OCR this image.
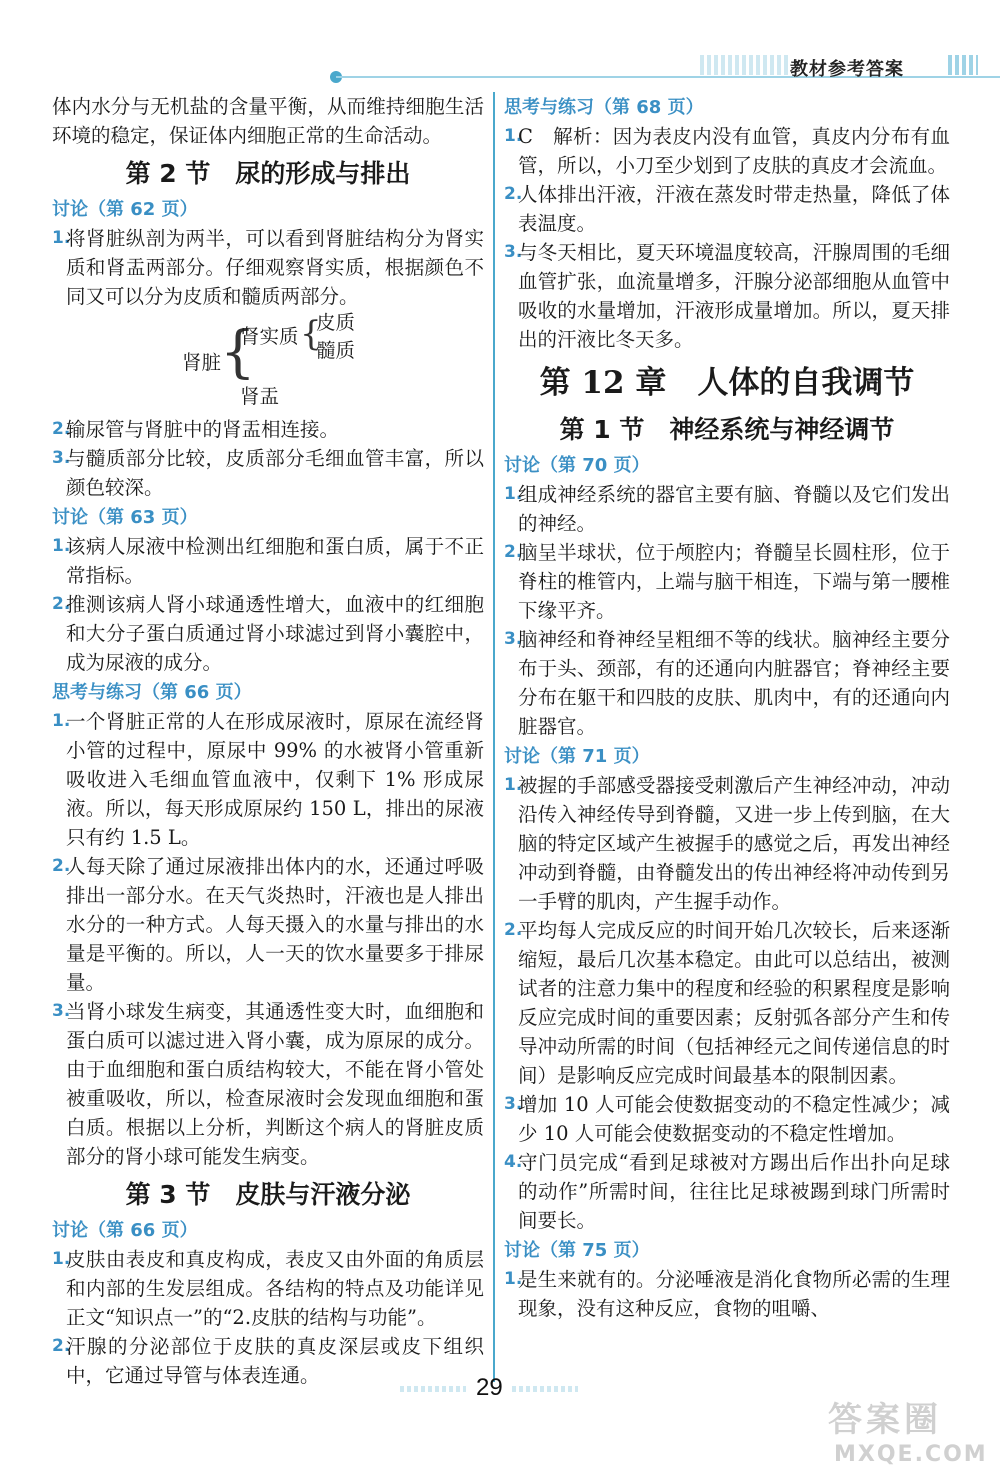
教材参考答案

体内水分与无机盐的含量平衡，从而维持细胞生活环境的稳定，保证体内细胞正常的生命活动。

第 2 节　尿的形成与排出
讨论（第 62 页）
1.
将肾脏纵剖为两半，可以看到肾脏结构分为肾实质和肾盂两部分。仔细观察肾实质，根据颜色不同又可以分为皮质和髓质两部分。
肾脏
{
肾实质 {
皮质
髓质
肾盂
2.
输尿管与肾脏中的肾盂相连接。
3.
与髓质部分比较，皮质部分毛细血管丰富，所以颜色较深。
讨论（第 63 页）
1.
该病人尿液中检测出红细胞和蛋白质，属于不正常指标。
2.
推测该病人肾小球通透性增大，血液中的红细胞和大分子蛋白质通过肾小球滤过到肾小囊腔中，成为尿液的成分。
思考与练习（第 66 页）
1.
一个肾脏正常的人在形成尿液时，原尿在流经肾小管的过程中，原尿中 99% 的水被肾小管重新吸收进入毛细血管血液中，仅剩下 1% 形成尿液。所以，每天形成原尿约 150 L，排出的尿液只有约 1.5 L。
2.
人每天除了通过尿液排出体内的水，还通过呼吸排出一部分水。在天气炎热时，汗液也是人排出水分的一种方式。人每天摄入的水量与排出的水量是平衡的。所以，人一天的饮水量要多于排尿量。
3.
当肾小球发生病变，其通透性变大时，血细胞和蛋白质可以滤过进入肾小囊，成为原尿的成分。由于血细胞和蛋白质结构较大，不能在肾小管处被重吸收，所以，检查尿液时会发现血细胞和蛋白质。根据以上分析，判断这个病人的肾脏皮质部分的肾小球可能发生病变。
第 3 节　皮肤与汗液分泌
讨论（第 66 页）
1.
皮肤由表皮和真皮构成，表皮又由外面的角质层和内部的生发层组成。各结构的特点及功能详见正文“知识点一”的“2.皮肤的结构与功能”。
2.
汗腺的分泌部位于皮肤的真皮深层或皮下组织中，它通过导管与体表连通。
思考与练习（第 68 页）
1.
C　解析：因为表皮内没有血管，真皮内分布有血管，所以，小刀至少划到了皮肤的真皮才会流血。
2.
人体排出汗液，汗液在蒸发时带走热量，降低了体表温度。
3.
与冬天相比，夏天环境温度较高，汗腺周围的毛细血管扩张，血流量增多，汗腺分泌部细胞从血管中吸收的水量增加，汗液形成量增加。所以，夏天排出的汗液比冬天多。
第 12 章　人体的自我调节
第 1 节　神经系统与神经调节
讨论（第 70 页）
1.
组成神经系统的器官主要有脑、脊髓以及它们发出的神经。
2.
脑呈半球状，位于颅腔内；脊髓呈长圆柱形，位于脊柱的椎管内，上端与脑干相连，下端与第一腰椎下缘平齐。
3.
脑神经和脊神经呈粗细不等的线状。脑神经主要分布于头、颈部，有的还通向内脏器官；脊神经主要分布在躯干和四肢的皮肤、肌肉中，有的还通向内脏器官。
讨论（第 71 页）
1.
被握的手部感受器接受刺激后产生神经冲动，冲动沿传入神经传导到脊髓，又进一步上传到脑，在大脑的特定区域产生被握手的感觉之后，再发出神经冲动到脊髓，由脊髓发出的传出神经将冲动传到另一手臂的肌肉，产生握手动作。
2.
平均每人完成反应的时间开始几次较长，后来逐渐缩短，最后几次基本稳定。由此可以总结出，被测试者的注意力集中的程度和经验的积累程度是影响反应完成时间的重要因素；反射弧各部分产生和传导冲动所需的时间（包括神经元之间传递信息的时间）是影响反应完成时间最基本的限制因素。
3.
增加 10 人可能会使数据变动的不稳定性减少；减少 10 人可能会使数据变动的不稳定性增加。
4.
守门员完成“看到足球被对方踢出后作出扑向足球的动作”所需时间，往往比足球被踢到球门所需时间要长。
讨论（第 75 页）
1.
是生来就有的。分泌唾液是消化食物所必需的生理现象，没有这种反应，食物的咀嚼、
29
答案圈
MXQE.COM
